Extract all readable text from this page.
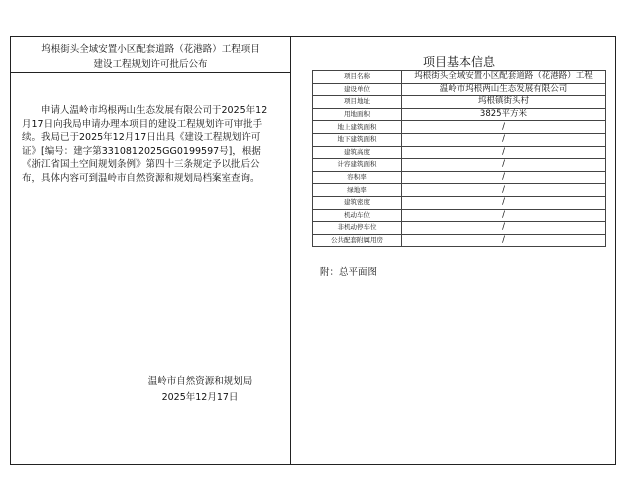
坞根街头全域安置小区配套道路（花港路）工程项目
建设工程规划许可批后公布

申请人温岭市坞根两山生态发展有限公司于2025年12月17日向我局申请办理本项目的建设工程规划许可审批手续。我局已于2025年12月17日出具《建设工程规划许可证》[编号：建字第3310812025GG0199597号]，根据《浙江省国土空间规划条例》第四十三条规定予以批后公布，具体内容可到温岭市自然资源和规划局档案室查询。

温岭市自然资源和规划局
2025年12月17日
项目基本信息
项目名称	坞根街头全域安置小区配套道路（花港路）工程
建设单位	温岭市坞根两山生态发展有限公司
项目地址	坞根镇街头村
用地面积	3825平方米
地上建筑面积	/
地下建筑面积	/
建筑高度	/
计容建筑面积	/
容积率	/
绿地率	/
建筑密度	/
机动车位	/
非机动停车位	/
公共配套附属用房	/
附：总平面图
